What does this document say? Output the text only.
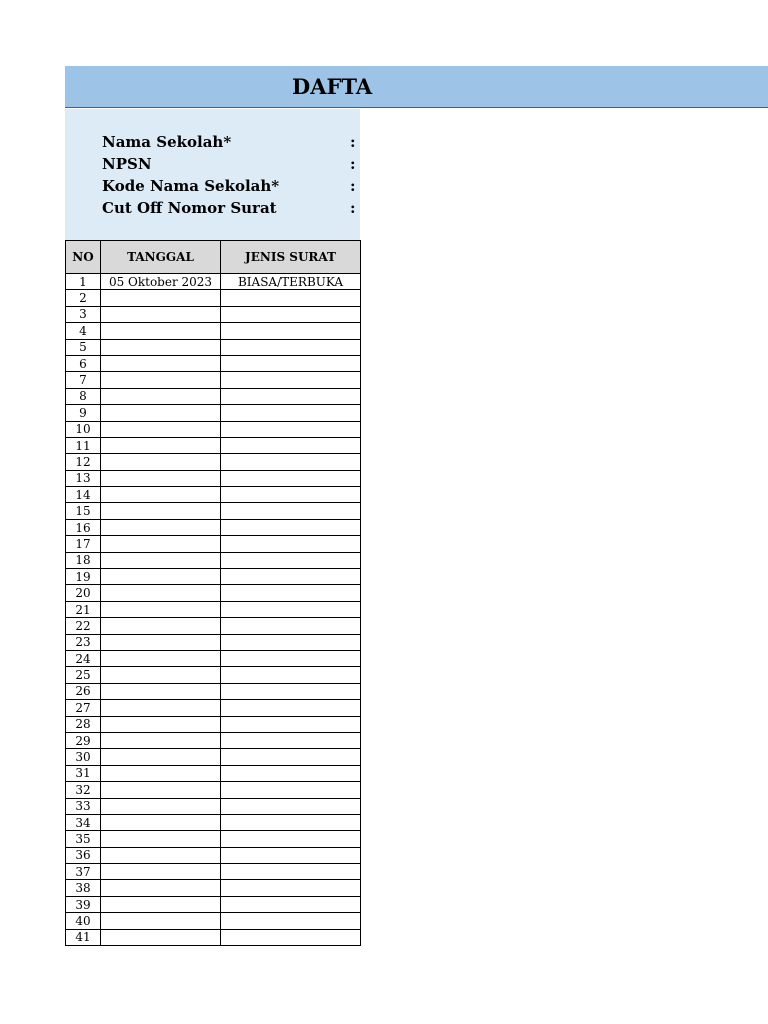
DAFTA
Nama Sekolah*	:
NPSN	:
Kode Nama Sekolah*	:
Cut Off Nomor Surat	:
NO	TANGGAL	JENIS SURAT
1	05 Oktober 2023	BIASA/TERBUKA
2		
3		
4		
5		
6		
7		
8		
9		
10		
11		
12		
13		
14		
15		
16		
17		
18		
19		
20		
21		
22		
23		
24		
25		
26		
27		
28		
29		
30		
31		
32		
33		
34		
35		
36		
37		
38		
39		
40		
41		
